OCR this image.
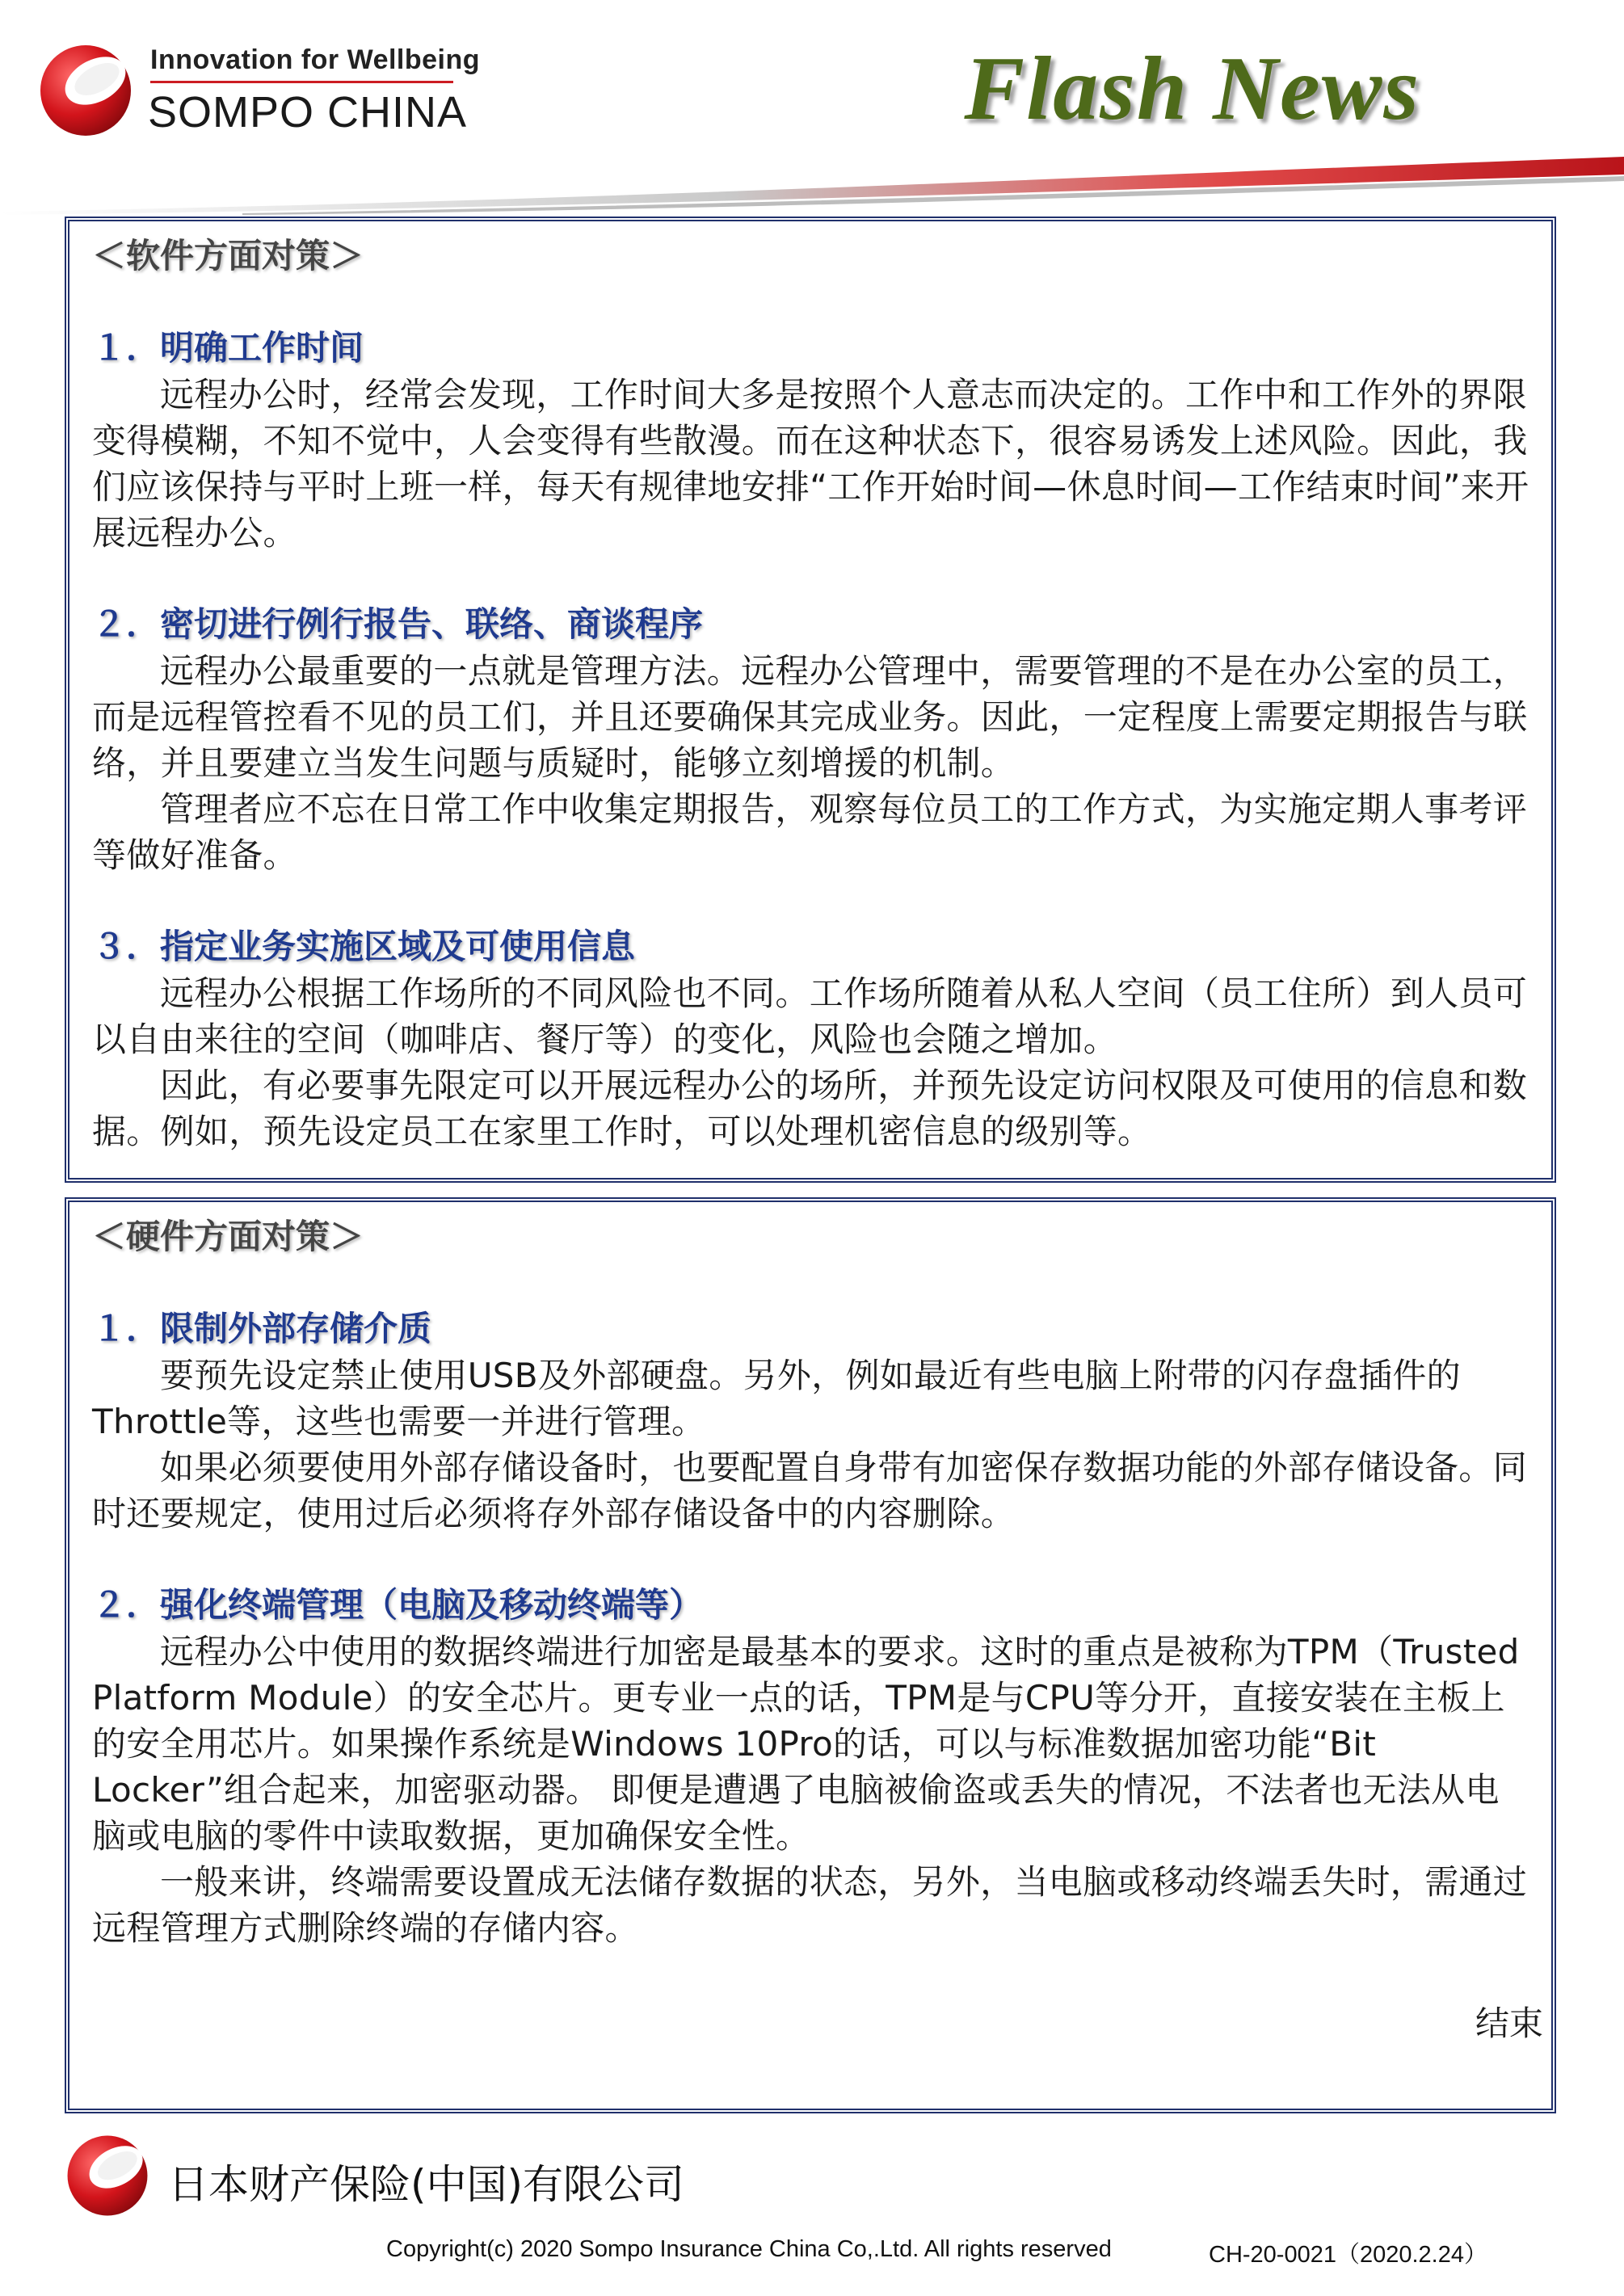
Innovation for Wellbeing
SOMPO CHINA	Flash News
＜软件方面对策＞
１．明确工作时间

远程办公时，经常会发现，工作时间大多是按照个人意志而决定的。工作中和工作外的界限变得模糊，不知不觉中，人会变得有些散漫。而在这种状态下，很容易诱发上述风险。因此，我们应该保持与平时上班一样，每天有规律地安排“工作开始时间—休息时间—工作结束时间”来开展远程办公。

２．密切进行例行报告、联络、商谈程序

远程办公最重要的一点就是管理方法。远程办公管理中，需要管理的不是在办公室的员工，而是远程管控看不见的员工们，并且还要确保其完成业务。因此，一定程度上需要定期报告与联络，并且要建立当发生问题与质疑时，能够立刻增援的机制。

管理者应不忘在日常工作中收集定期报告，观察每位员工的工作方式，为实施定期人事考评等做好准备。

３．指定业务实施区域及可使用信息

远程办公根据工作场所的不同风险也不同。工作场所随着从私人空间（员工住所）到人员可以自由来往的空间（咖啡店、餐厅等）的变化，风险也会随之增加。

因此，有必要事先限定可以开展远程办公的场所，并预先设定访问权限及可使用的信息和数据。例如，预先设定员工在家里工作时，可以处理机密信息的级别等。

＜硬件方面对策＞
１．限制外部存储介质

要预先设定禁止使用USB及外部硬盘。另外，例如最近有些电脑上附带的闪存盘插件的Throttle等，这些也需要一并进行管理。

如果必须要使用外部存储设备时，也要配置自身带有加密保存数据功能的外部存储设备。同时还要规定，使用过后必须将存外部存储设备中的内容删除。

２．强化终端管理（电脑及移动终端等）

远程办公中使用的数据终端进行加密是最基本的要求。这时的重点是被称为TPM（Trusted Platform Module）的安全芯片。更专业一点的话，TPM是与CPU等分开，直接安装在主板上的安全用芯片。如果操作系统是Windows 10Pro的话，可以与标准数据加密功能“Bit Locker”组合起来，加密驱动器。 即便是遭遇了电脑被偷盗或丢失的情况，不法者也无法从电脑或电脑的零件中读取数据，更加确保安全性。

一般来讲，终端需要设置成无法储存数据的状态，另外，当电脑或移动终端丢失时，需通过远程管理方式删除终端的存储内容。

结束
日本财产保险(中国)有限公司
Copyright(c) 2020 Sompo Insurance China Co,.Ltd. All rights reserved	CH-20-0021（2020.2.24）
